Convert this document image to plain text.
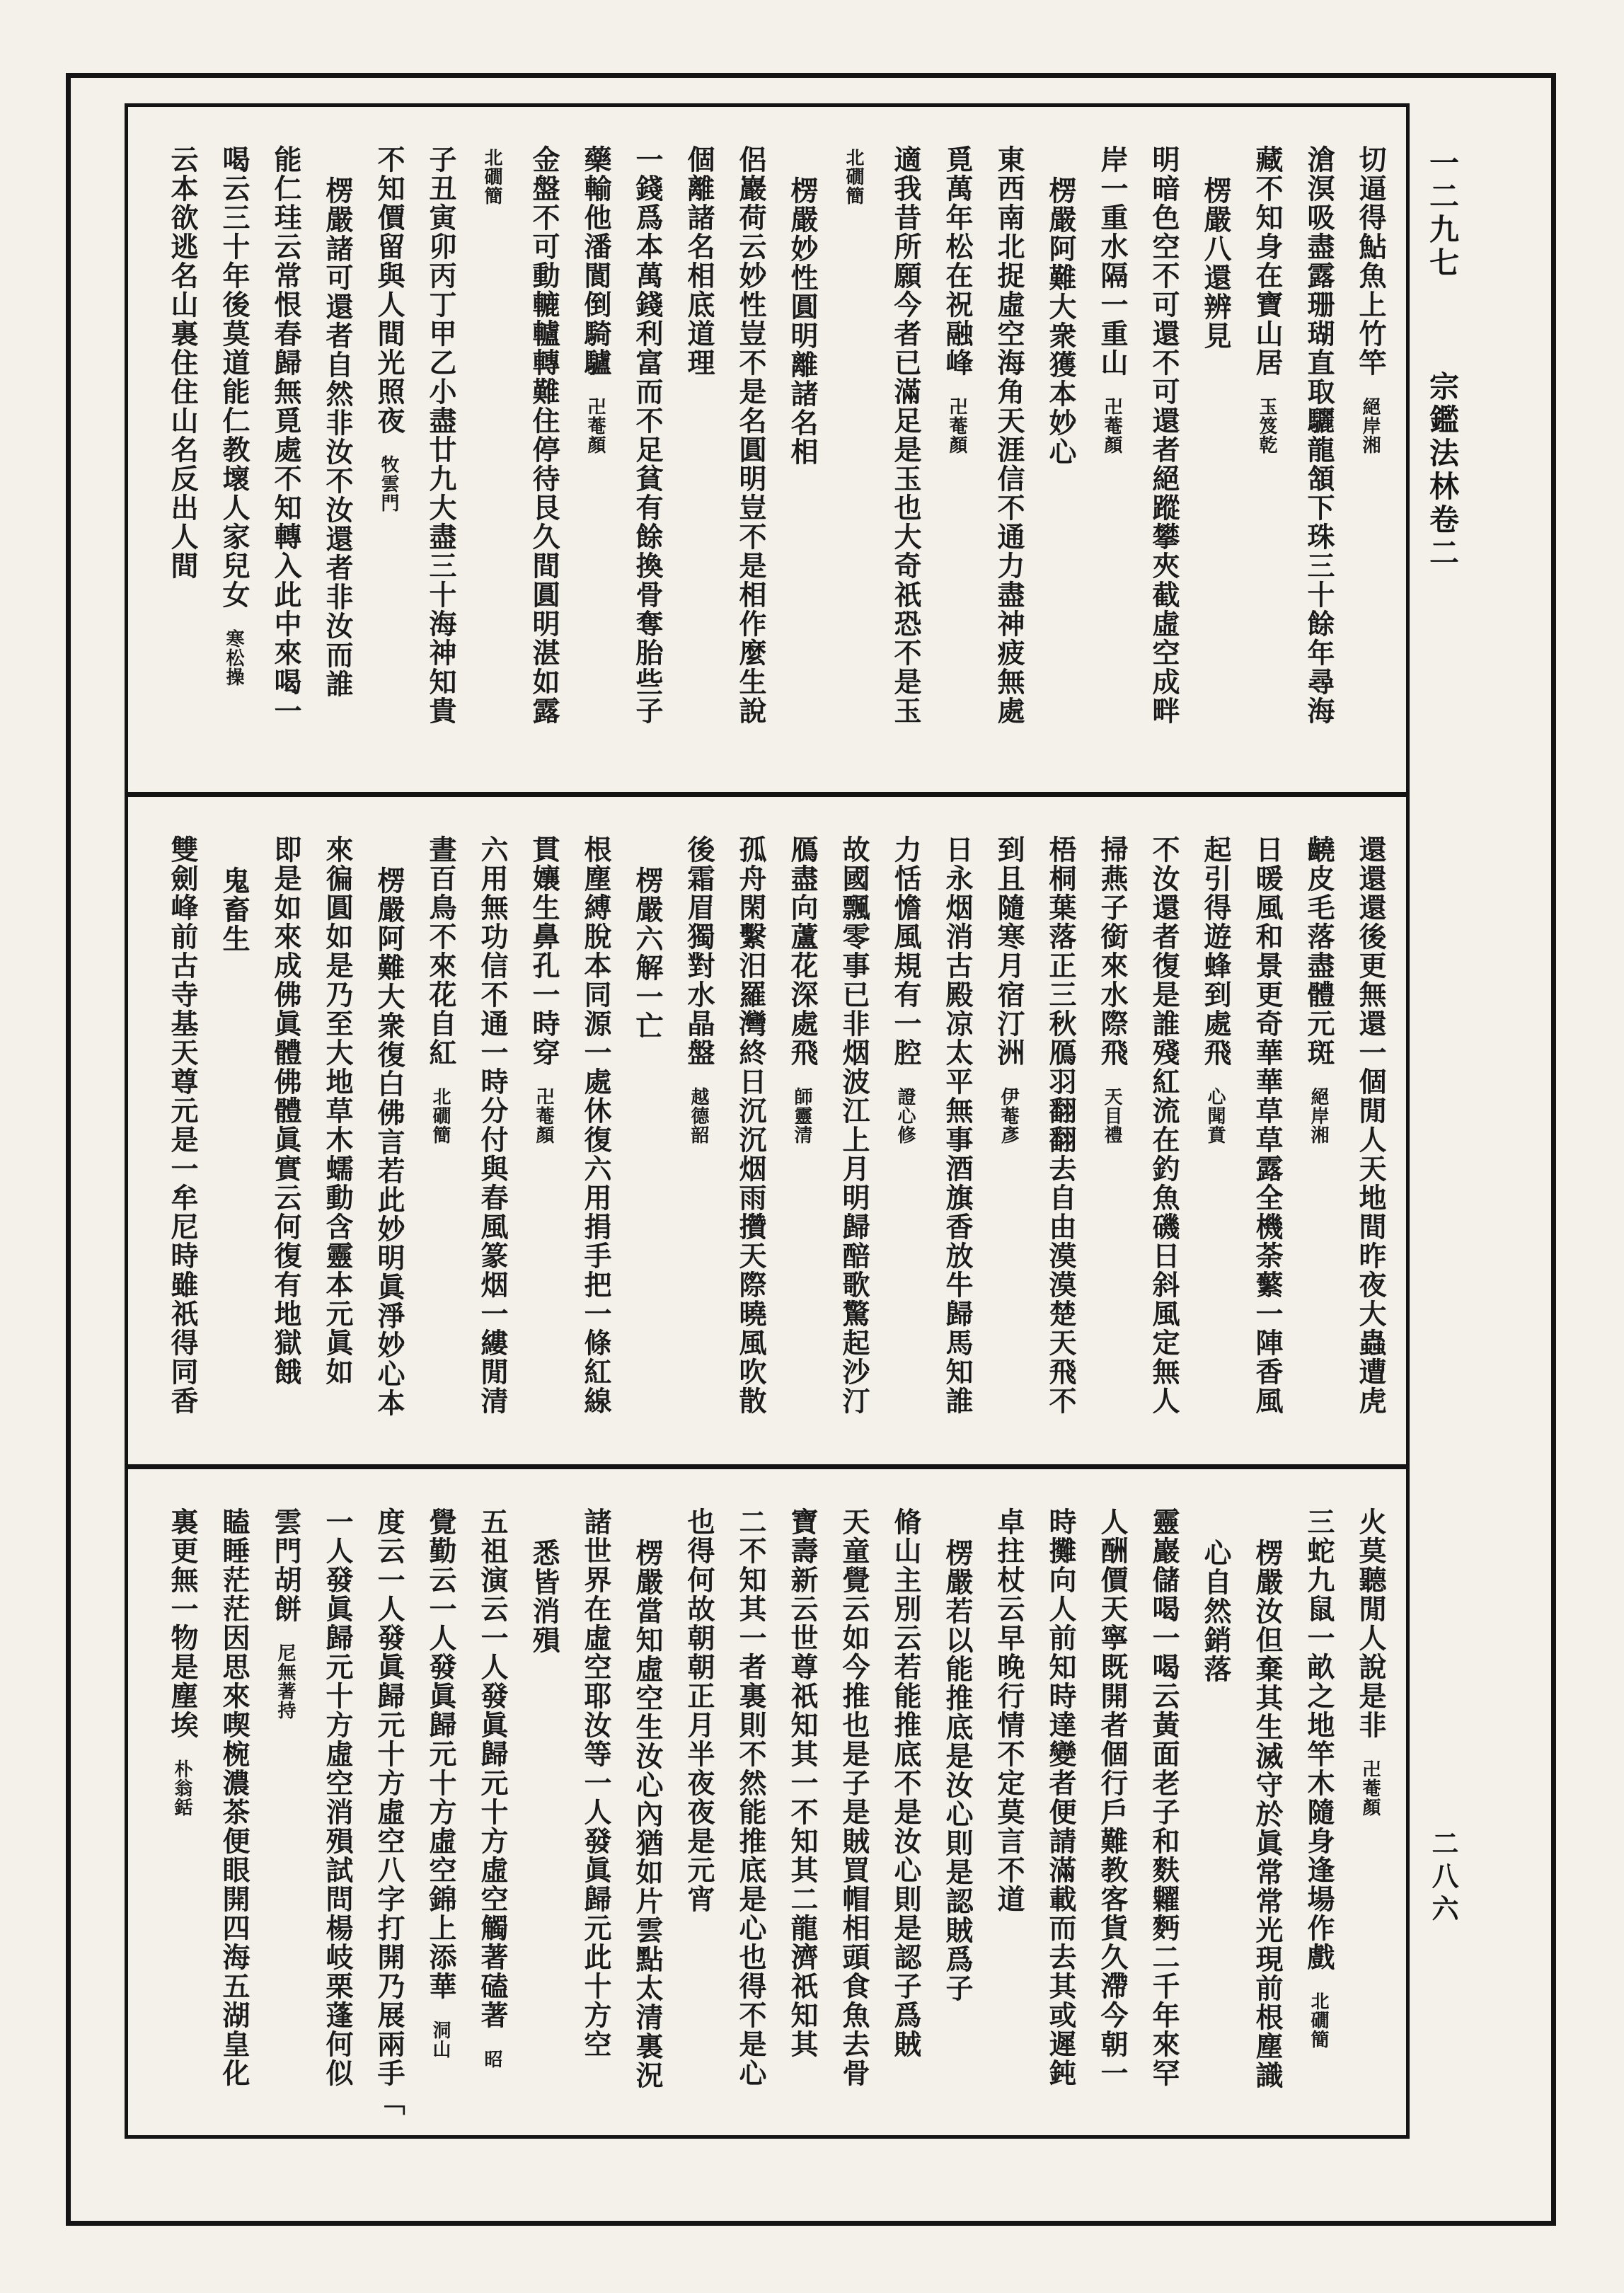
切逼得鮎魚上竹竿絕岸湘
滄溟吸盡露珊瑚直取驪龍頷下珠三十餘年尋海
藏不知身在寶山居玉笈乾
楞嚴八還辨見
明暗色空不可還不可還者絕蹤攀夾截虛空成畔
岸一重水隔一重山卍菴顏
楞嚴阿難大衆獲本妙心
東西南北捉虛空海角天涯信不通力盡神疲無處
覓萬年松在祝融峰卍菴顏
適我昔所願今者已滿足是玉也大奇祇恐不是玉
北礀簡
楞嚴妙性圓明離諸名相
侶巖荷云妙性豈不是名圓明豈不是相作麼生說
個離諸名相底道理
一錢爲本萬錢利富而不足貧有餘換骨奪胎些子
藥輸他潘閬倒騎驢卍菴顏
金盤不可動轆轤轉難住停待艮久間圓明湛如露
北礀簡
子丑寅卯丙丁甲乙小盡廿九大盡三十海神知貴
不知價留與人間光照夜牧雲門
楞嚴諸可還者自然非汝不汝還者非汝而誰
能仁珪云常恨春歸無覓處不知轉入此中來喝一
喝云三十年後莫道能仁教壞人家兒女寒松操
云本欲逃名山裏住住山名反出人間
還還還後更無還一個閒人天地間昨夜大蟲遭虎
䶧皮毛落盡體元斑絕岸湘
日暖風和景更奇華華草草露全機荼蘩一陣香風
起引得遊蜂到處飛心聞賁
不汝還者復是誰殘紅流在釣魚磯日斜風定無人
掃燕子銜來水際飛天目禮
梧桐葉落正三秋鴈羽翻翻去自由漠漠楚天飛不
到且隨寒月宿汀洲伊菴彥
日永烟消古殿凉太平無事酒旗香放牛歸馬知誰
力恬憺風規有一腔證心修
故國飄零事已非烟波江上月明歸醅歌驚起沙汀
鴈盡向蘆花深處飛師靈清
孤舟閑繫汨羅灣終日沉沉烟雨攢天際曉風吹散
後霜眉獨對水晶盤越德韶
楞嚴六解一亡
根塵縛脫本同源一處休復六用捐手把一條紅線
貫孃生鼻孔一時穿卍菴顏
六用無功信不通一時分付與春風篆烟一縷閒清
晝百鳥不來花自紅北礀簡
楞嚴阿難大衆復白佛言若此妙明眞淨妙心本
來徧圓如是乃至大地草木蠕動含靈本元眞如
即是如來成佛眞體佛體眞實云何復有地獄餓
鬼畜生
雙劍峰前古寺基天尊元是一牟尼時雖祇得同香
火莫聽閒人說是非卍菴顏
三蛇九鼠一畝之地竿木隨身逢場作戲北礀簡
楞嚴汝但棄其生滅守於眞常常光現前根塵識
心自然銷落
靈巖儲喝一喝云黃面老子和麩糶麪二千年來罕
人酬價天寧既開者個行戶難教客貨久滯今朝一
時攤向人前知時達變者便請滿載而去其或遲鈍
卓拄杖云早晚行情不定莫言不道
楞嚴若以能推底是汝心則是認賊爲子
脩山主別云若能推底不是汝心則是認子爲賊
天童覺云如今推也是子是賊買帽相頭食魚去骨
寶壽新云世尊祇知其一不知其二龍濟祇知其
二不知其一者裏則不然能推底是心也得不是心
也得何故朝朝正月半夜夜是元宵
楞嚴當知虛空生汝心內猶如片雲點太清裏況
諸世界在虛空耶汝等一人發眞歸元此十方空
悉皆消殞
五祖演云一人發眞歸元十方虛空觸著磕著昭
覺勤云一人發眞歸元十方虛空錦上添華洞山
度云一人發眞歸元十方虛空八字打開乃展兩手「
一人發眞歸元十方虛空消殞試問楊岐栗蓬何似
雲門胡餅尼無著持
瞌睡茫茫因思來喫椀濃茶便眼開四海五湖皇化
裏更無一物是塵埃朴翁銛
一二九七 宗鑑法林卷二
二八六
